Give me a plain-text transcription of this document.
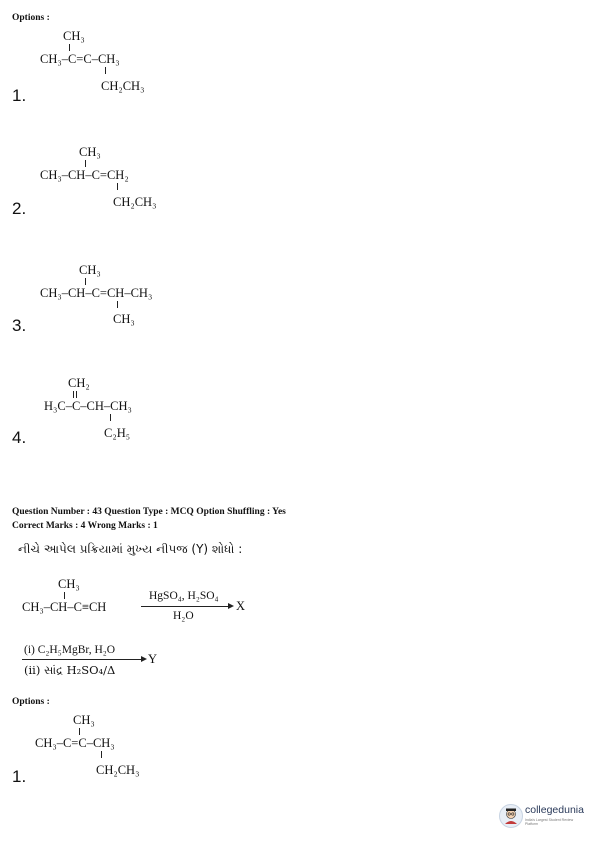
Options :
CH₃
CH₃–C=C–CH₃
CH₂CH₃
1.
CH₃
CH₃–CH–C=CH₂
CH₂CH₃
2.
CH₃
CH₃–CH–C=CH–CH₃
CH₃
3.
CH₂
H₃C–C–CH–CH₃
C₂H₅
4.
Question Number : 43 Question Type : MCQ Option Shuffling : Yes
Correct Marks : 4 Wrong Marks : 1
નીચે આપેલ પ્રક્રિયામાં મુખ્ય નીપજ (Y) શોધો :
CH₃
CH₃–CH–C≡CH
HgSO₄, H₂SO₄
H₂O
X
(i) C₂H₅MgBr, H₂O
Y
(ii) સાંદ્ર H₂SO₄/Δ
Options :
CH₃
CH₃–C=C–CH₃
CH₂CH₃
1.
collegedunia
India's Largest Student Review Platform
